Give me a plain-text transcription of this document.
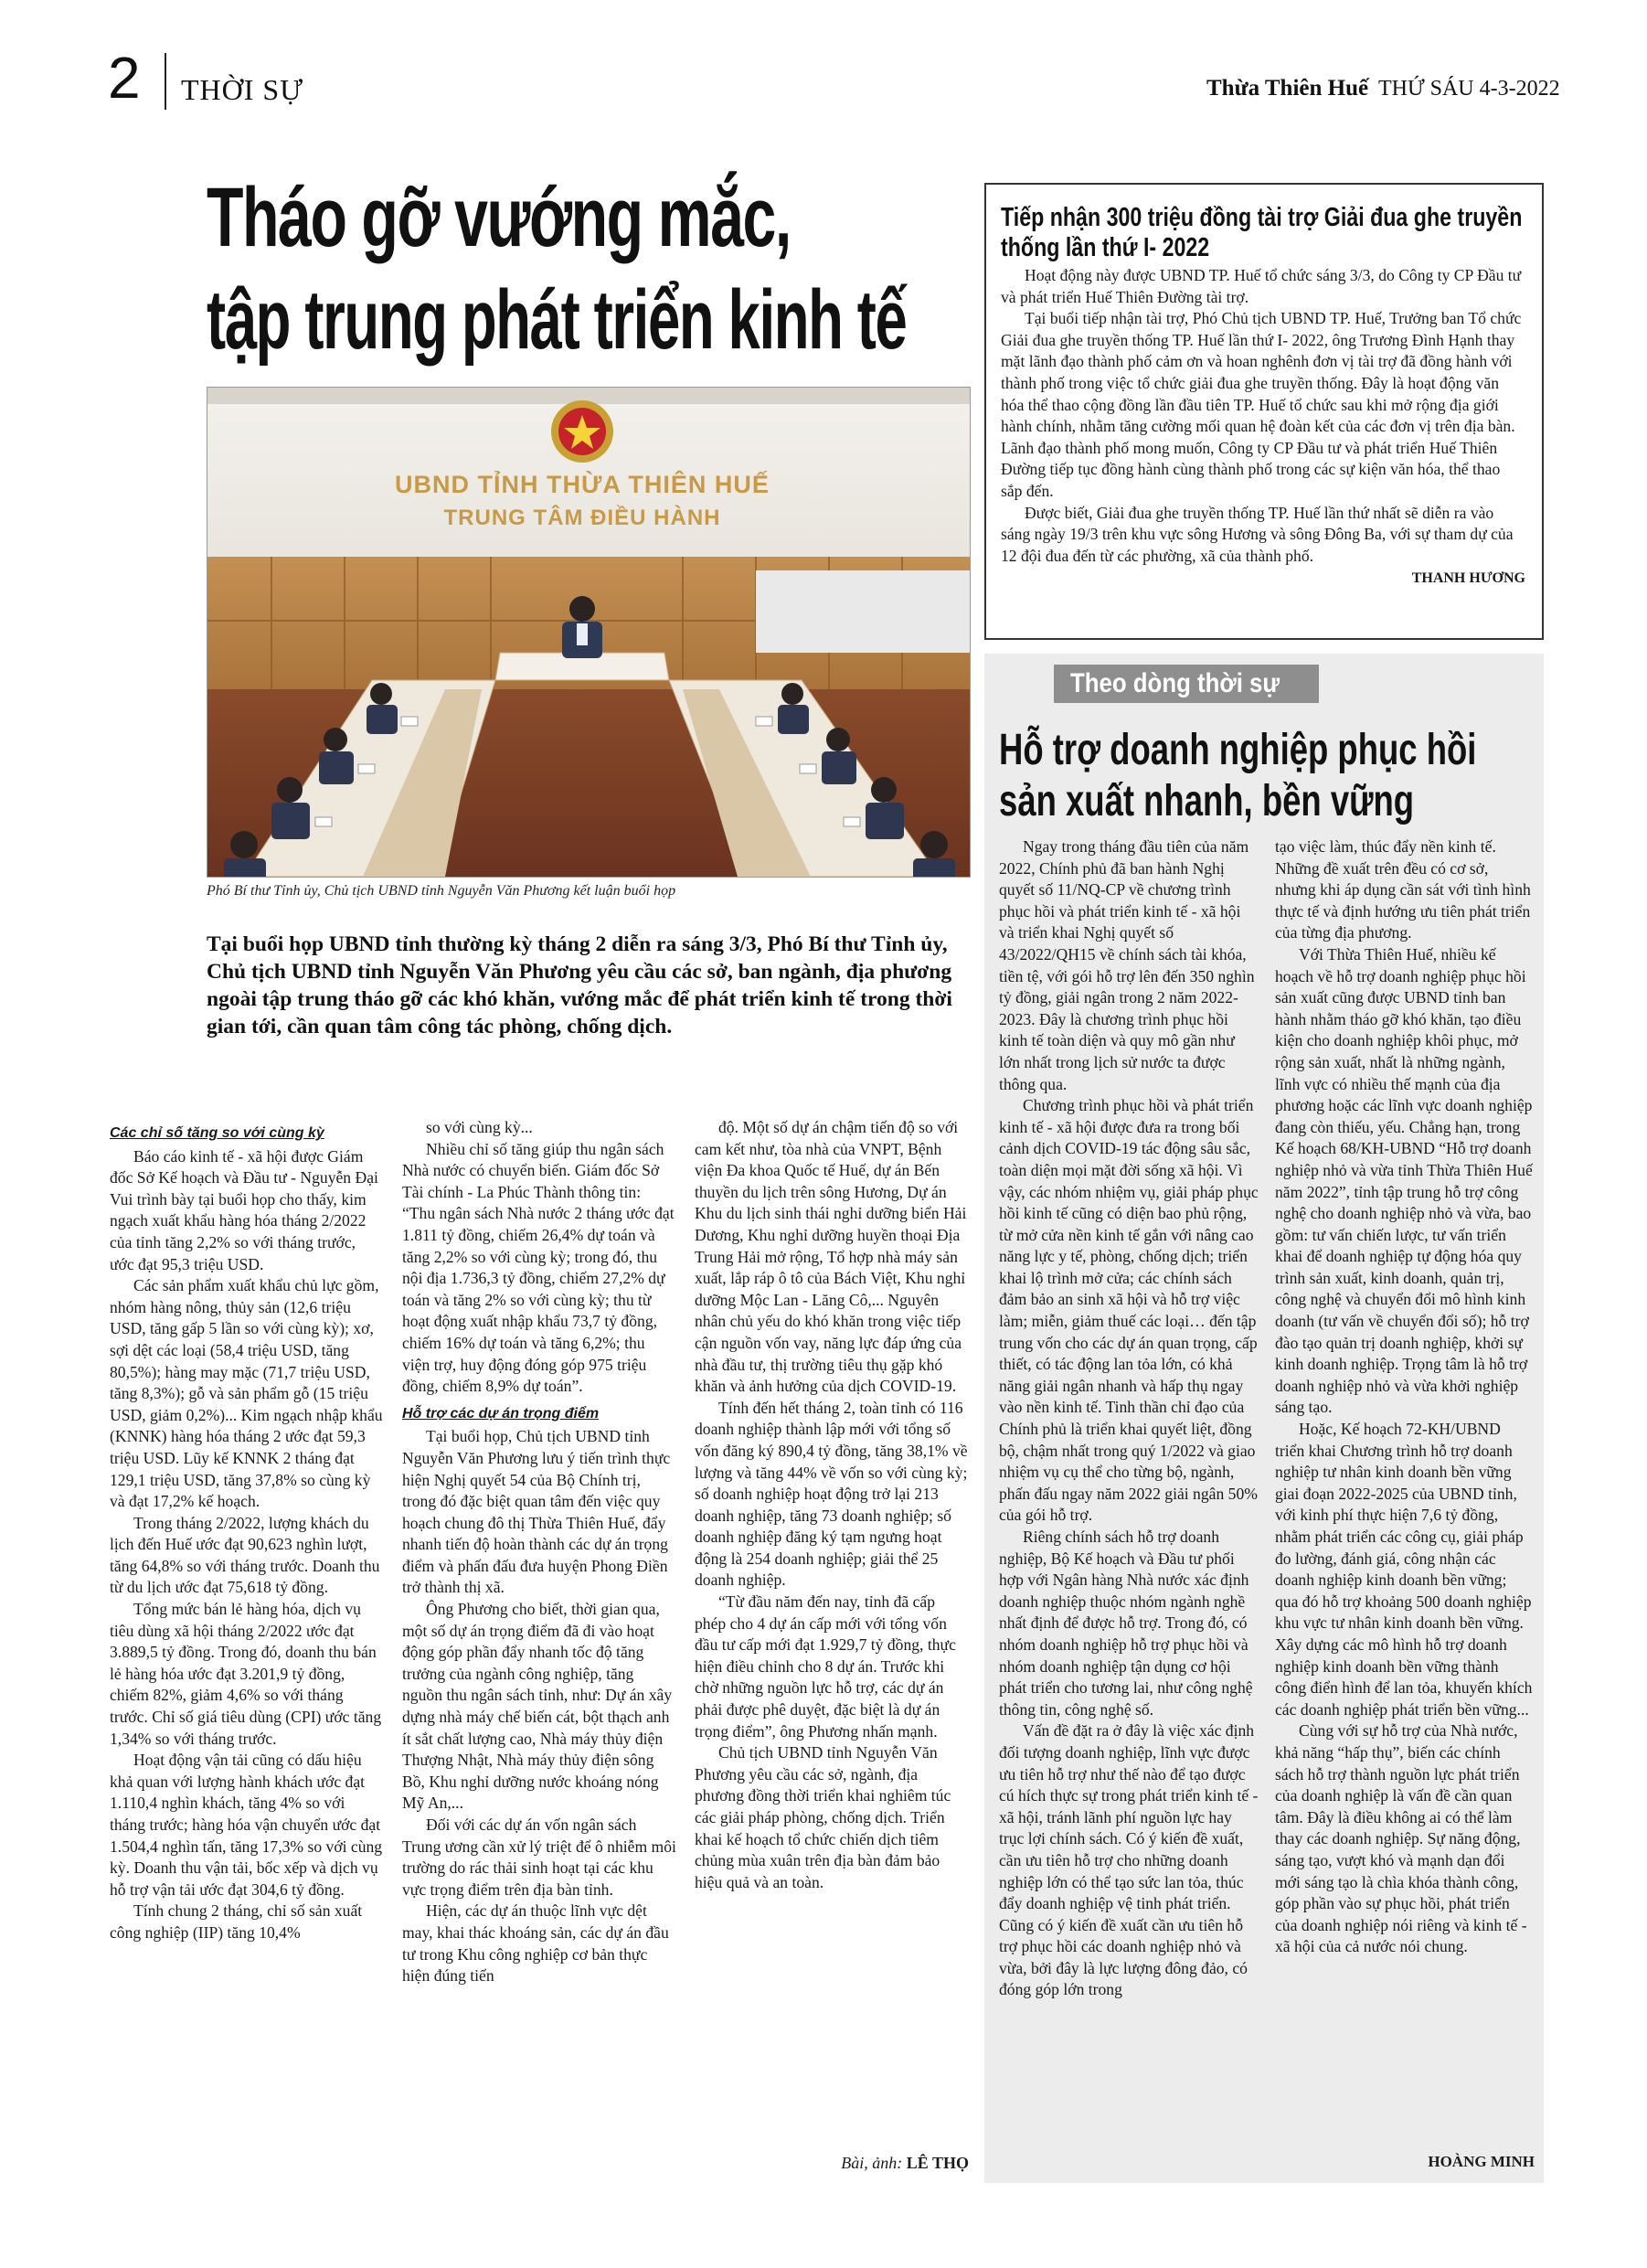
2 THỜI SỰ	Thừa Thiên Huế THỨ SÁU 4-3-2022
Tháo gỡ vướng mắc,
tập trung phát triển kinh tế
UBND TỈNH THỪA THIÊN HUẾ
TRUNG TÂM ĐIỀU HÀNH
Phó Bí thư Tỉnh ủy, Chủ tịch UBND tỉnh Nguyễn Văn Phương kết luận buổi họp
Tại buổi họp UBND tỉnh thường kỳ tháng 2 diễn ra sáng 3/3, Phó Bí thư Tỉnh ủy, Chủ tịch UBND tỉnh Nguyễn Văn Phương yêu cầu các sở, ban ngành, địa phương ngoài tập trung tháo gỡ các khó khăn, vướng mắc để phát triển kinh tế trong thời gian tới, cần quan tâm công tác phòng, chống dịch.

Các chỉ số tăng so với cùng kỳ

Báo cáo kinh tế - xã hội được Giám đốc Sở Kế hoạch và Đầu tư - Nguyễn Đại Vui trình bày tại buổi họp cho thấy, kim ngạch xuất khẩu hàng hóa tháng 2/2022 của tỉnh tăng 2,2% so với tháng trước, ước đạt 95,3 triệu USD.

Các sản phẩm xuất khẩu chủ lực gồm, nhóm hàng nông, thủy sản (12,6 triệu USD, tăng gấp 5 lần so với cùng kỳ); xơ, sợi dệt các loại (58,4 triệu USD, tăng 80,5%); hàng may mặc (71,7 triệu USD, tăng 8,3%); gỗ và sản phẩm gỗ (15 triệu USD, giảm 0,2%)... Kim ngạch nhập khẩu (KNNK) hàng hóa tháng 2 ước đạt 59,3 triệu USD. Lũy kế KNNK 2 tháng đạt 129,1 triệu USD, tăng 37,8% so cùng kỳ và đạt 17,2% kế hoạch.

Trong tháng 2/2022, lượng khách du lịch đến Huế ước đạt 90,623 nghìn lượt, tăng 64,8% so với tháng trước. Doanh thu từ du lịch ước đạt 75,618 tỷ đồng.

Tổng mức bán lẻ hàng hóa, dịch vụ tiêu dùng xã hội tháng 2/2022 ước đạt 3.889,5 tỷ đồng. Trong đó, doanh thu bán lẻ hàng hóa ước đạt 3.201,9 tỷ đồng, chiếm 82%, giảm 4,6% so với tháng trước. Chỉ số giá tiêu dùng (CPI) ước tăng 1,34% so với tháng trước.

Hoạt động vận tải cũng có dấu hiệu khả quan với lượng hành khách ước đạt 1.110,4 nghìn khách, tăng 4% so với tháng trước; hàng hóa vận chuyển ước đạt 1.504,4 nghìn tấn, tăng 17,3% so với cùng kỳ. Doanh thu vận tải, bốc xếp và dịch vụ hỗ trợ vận tải ước đạt 304,6 tỷ đồng.

Tính chung 2 tháng, chỉ số sản xuất công nghiệp (IIP) tăng 10,4%

so với cùng kỳ...

Nhiều chỉ số tăng giúp thu ngân sách Nhà nước có chuyển biến. Giám đốc Sở Tài chính - La Phúc Thành thông tin: “Thu ngân sách Nhà nước 2 tháng ước đạt 1.811 tỷ đồng, chiếm 26,4% dự toán và tăng 2,2% so với cùng kỳ; trong đó, thu nội địa 1.736,3 tỷ đồng, chiếm 27,2% dự toán và tăng 2% so với cùng kỳ; thu từ hoạt động xuất nhập khẩu 73,7 tỷ đồng, chiếm 16% dự toán và tăng 6,2%; thu viện trợ, huy động đóng góp 975 triệu đồng, chiếm 8,9% dự toán”.

Hỗ trợ các dự án trọng điểm

Tại buổi họp, Chủ tịch UBND tỉnh Nguyễn Văn Phương lưu ý tiến trình thực hiện Nghị quyết 54 của Bộ Chính trị, trong đó đặc biệt quan tâm đến việc quy hoạch chung đô thị Thừa Thiên Huế, đẩy nhanh tiến độ hoàn thành các dự án trọng điểm và phấn đấu đưa huyện Phong Điền trở thành thị xã.

Ông Phương cho biết, thời gian qua, một số dự án trọng điểm đã đi vào hoạt động góp phần đẩy nhanh tốc độ tăng trưởng của ngành công nghiệp, tăng nguồn thu ngân sách tỉnh, như: Dự án xây dựng nhà máy chế biến cát, bột thạch anh ít sắt chất lượng cao, Nhà máy thủy điện Thượng Nhật, Nhà máy thủy điện sông Bồ, Khu nghỉ dưỡng nước khoáng nóng Mỹ An,...

Đối với các dự án vốn ngân sách Trung ương cần xử lý triệt để ô nhiễm môi trường do rác thải sinh hoạt tại các khu vực trọng điểm trên địa bàn tỉnh.

Hiện, các dự án thuộc lĩnh vực dệt may, khai thác khoáng sản, các dự án đầu tư trong Khu công nghiệp cơ bản thực hiện đúng tiến

độ. Một số dự án chậm tiến độ so với cam kết như, tòa nhà của VNPT, Bệnh viện Đa khoa Quốc tế Huế, dự án Bến thuyền du lịch trên sông Hương, Dự án Khu du lịch sinh thái nghỉ dưỡng biển Hải Dương, Khu nghỉ dưỡng huyền thoại Địa Trung Hải mở rộng, Tổ hợp nhà máy sản xuất, lắp ráp ô tô của Bách Việt, Khu nghỉ dưỡng Mộc Lan - Lăng Cô,... Nguyên nhân chủ yếu do khó khăn trong việc tiếp cận nguồn vốn vay, năng lực đáp ứng của nhà đầu tư, thị trường tiêu thụ gặp khó khăn và ảnh hưởng của dịch COVID-19.

Tính đến hết tháng 2, toàn tỉnh có 116 doanh nghiệp thành lập mới với tổng số vốn đăng ký 890,4 tỷ đồng, tăng 38,1% về lượng và tăng 44% về vốn so với cùng kỳ; số doanh nghiệp hoạt động trở lại 213 doanh nghiệp, tăng 73 doanh nghiệp; số doanh nghiệp đăng ký tạm ngưng hoạt động là 254 doanh nghiệp; giải thể 25 doanh nghiệp.

“Từ đầu năm đến nay, tỉnh đã cấp phép cho 4 dự án cấp mới với tổng vốn đầu tư cấp mới đạt 1.929,7 tỷ đồng, thực hiện điều chỉnh cho 8 dự án. Trước khi chờ những nguồn lực hỗ trợ, các dự án phải được phê duyệt, đặc biệt là dự án trọng điểm”, ông Phương nhấn mạnh.

Chủ tịch UBND tỉnh Nguyễn Văn Phương yêu cầu các sở, ngành, địa phương đồng thời triển khai nghiêm túc các giải pháp phòng, chống dịch. Triển khai kế hoạch tổ chức chiến dịch tiêm chủng mùa xuân trên địa bàn đảm bảo hiệu quả và an toàn.

Bài, ảnh: LÊ THỌ
Tiếp nhận 300 triệu đồng tài trợ Giải đua ghe truyền thống lần thứ I- 2022

Hoạt động này được UBND TP. Huế tổ chức sáng 3/3, do Công ty CP Đầu tư và phát triển Huế Thiên Đường tài trợ.

Tại buổi tiếp nhận tài trợ, Phó Chủ tịch UBND TP. Huế, Trưởng ban Tổ chức Giải đua ghe truyền thống TP. Huế lần thứ I- 2022, ông Trương Đình Hạnh thay mặt lãnh đạo thành phố cảm ơn và hoan nghênh đơn vị tài trợ đã đồng hành với thành phố trong việc tổ chức giải đua ghe truyền thống. Đây là hoạt động văn hóa thể thao cộng đồng lần đầu tiên TP. Huế tổ chức sau khi mở rộng địa giới hành chính, nhằm tăng cường mối quan hệ đoàn kết của các đơn vị trên địa bàn. Lãnh đạo thành phố mong muốn, Công ty CP Đầu tư và phát triển Huế Thiên Đường tiếp tục đồng hành cùng thành phố trong các sự kiện văn hóa, thể thao sắp đến.

Được biết, Giải đua ghe truyền thống TP. Huế lần thứ nhất sẽ diễn ra vào sáng ngày 19/3 trên khu vực sông Hương và sông Đông Ba, với sự tham dự của 12 đội đua đến từ các phường, xã của thành phố.

THANH HƯƠNG
Theo dòng thời sự
Hỗ trợ doanh nghiệp phục hồi
sản xuất nhanh, bền vững

Ngay trong tháng đầu tiên của năm 2022, Chính phủ đã ban hành Nghị quyết số 11/NQ-CP về chương trình phục hồi và phát triển kinh tế - xã hội và triển khai Nghị quyết số 43/2022/QH15 về chính sách tài khóa, tiền tệ, với gói hỗ trợ lên đến 350 nghìn tỷ đồng, giải ngân trong 2 năm 2022-2023. Đây là chương trình phục hồi kinh tế toàn diện và quy mô gần như lớn nhất trong lịch sử nước ta được thông qua.

Chương trình phục hồi và phát triển kinh tế - xã hội được đưa ra trong bối cảnh dịch COVID-19 tác động sâu sắc, toàn diện mọi mặt đời sống xã hội. Vì vậy, các nhóm nhiệm vụ, giải pháp phục hồi kinh tế cũng có diện bao phủ rộng, từ mở cửa nền kinh tế gắn với nâng cao năng lực y tế, phòng, chống dịch; triển khai lộ trình mở cửa; các chính sách đảm bảo an sinh xã hội và hỗ trợ việc làm; miễn, giảm thuế các loại… đến tập trung vốn cho các dự án quan trọng, cấp thiết, có tác động lan tỏa lớn, có khả năng giải ngân nhanh và hấp thụ ngay vào nền kinh tế. Tinh thần chỉ đạo của Chính phủ là triển khai quyết liệt, đồng bộ, chậm nhất trong quý 1/2022 và giao nhiệm vụ cụ thể cho từng bộ, ngành, phấn đấu ngay năm 2022 giải ngân 50% của gói hỗ trợ.

Riêng chính sách hỗ trợ doanh nghiệp, Bộ Kế hoạch và Đầu tư phối hợp với Ngân hàng Nhà nước xác định doanh nghiệp thuộc nhóm ngành nghề nhất định để được hỗ trợ. Trong đó, có nhóm doanh nghiệp hỗ trợ phục hồi và nhóm doanh nghiệp tận dụng cơ hội phát triển cho tương lai, như công nghệ thông tin, công nghệ số.

Vấn đề đặt ra ở đây là việc xác định đối tượng doanh nghiệp, lĩnh vực được ưu tiên hỗ trợ như thế nào để tạo được cú hích thực sự trong phát triển kinh tế - xã hội, tránh lãnh phí nguồn lực hay trục lợi chính sách. Có ý kiến đề xuất, cần ưu tiên hỗ trợ cho những doanh nghiệp lớn có thể tạo sức lan tỏa, thúc đẩy doanh nghiệp vệ tinh phát triển. Cũng có ý kiến đề xuất cần ưu tiên hỗ trợ phục hồi các doanh nghiệp nhỏ và vừa, bởi đây là lực lượng đông đảo, có đóng góp lớn trong

tạo việc làm, thúc đẩy nền kinh tế. Những đề xuất trên đều có cơ sở, nhưng khi áp dụng cần sát với tình hình thực tế và định hướng ưu tiên phát triển của từng địa phương.

Với Thừa Thiên Huế, nhiều kế hoạch về hỗ trợ doanh nghiệp phục hồi sản xuất cũng được UBND tỉnh ban hành nhằm tháo gỡ khó khăn, tạo điều kiện cho doanh nghiệp khôi phục, mở rộng sản xuất, nhất là những ngành, lĩnh vực có nhiều thế mạnh của địa phương hoặc các lĩnh vực doanh nghiệp đang còn thiếu, yếu. Chẳng hạn, trong Kế hoạch 68/KH-UBND “Hỗ trợ doanh nghiệp nhỏ và vừa tỉnh Thừa Thiên Huế năm 2022”, tỉnh tập trung hỗ trợ công nghệ cho doanh nghiệp nhỏ và vừa, bao gồm: tư vấn chiến lược, tư vấn triển khai để doanh nghiệp tự động hóa quy trình sản xuất, kinh doanh, quản trị, công nghệ và chuyển đổi mô hình kinh doanh (tư vấn về chuyển đổi số); hỗ trợ đào tạo quản trị doanh nghiệp, khởi sự kinh doanh nghiệp. Trọng tâm là hỗ trợ doanh nghiệp nhỏ và vừa khởi nghiệp sáng tạo.

Hoặc, Kế hoạch 72-KH/UBND triển khai Chương trình hỗ trợ doanh nghiệp tư nhân kinh doanh bền vững giai đoạn 2022-2025 của UBND tỉnh, với kinh phí thực hiện 7,6 tỷ đồng, nhằm phát triển các công cụ, giải pháp đo lường, đánh giá, công nhận các doanh nghiệp kinh doanh bền vững; qua đó hỗ trợ khoảng 500 doanh nghiệp khu vực tư nhân kinh doanh bền vững. Xây dựng các mô hình hỗ trợ doanh nghiệp kinh doanh bền vững thành công điển hình để lan tỏa, khuyến khích các doanh nghiệp phát triển bền vững...

Cùng với sự hỗ trợ của Nhà nước, khả năng “hấp thụ”, biến các chính sách hỗ trợ thành nguồn lực phát triển của doanh nghiệp là vấn đề cần quan tâm. Đây là điều không ai có thể làm thay các doanh nghiệp. Sự năng động, sáng tạo, vượt khó và mạnh dạn đổi mới sáng tạo là chìa khóa thành công, góp phần vào sự phục hồi, phát triển của doanh nghiệp nói riêng và kinh tế - xã hội của cả nước nói chung.

HOÀNG MINH
